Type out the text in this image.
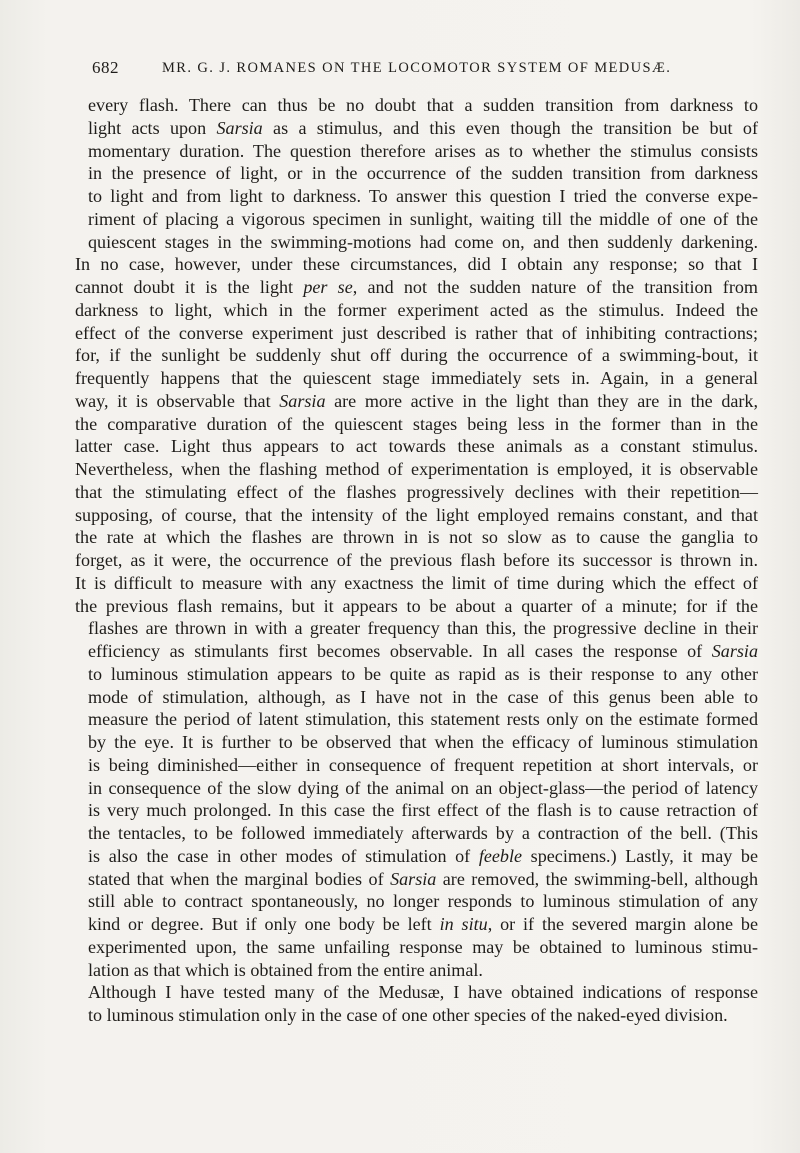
682	MR. G. J. ROMANES ON THE LOCOMOTOR SYSTEM OF MEDUSÆ.
every flash. There can thus be no doubt that a sudden transition from darkness to
light acts upon Sarsia as a stimulus, and this even though the transition be but of
momentary duration. The question therefore arises as to whether the stimulus consists
in the presence of light, or in the occurrence of the sudden transition from darkness
to light and from light to darkness. To answer this question I tried the converse expe-
riment of placing a vigorous specimen in sunlight, waiting till the middle of one of the
quiescent stages in the swimming-motions had come on, and then suddenly darkening.
In no case, however, under these circumstances, did I obtain any response; so that I
cannot doubt it is the light per se, and not the sudden nature of the transition from
darkness to light, which in the former experiment acted as the stimulus. Indeed the
effect of the converse experiment just described is rather that of inhibiting contractions;
for, if the sunlight be suddenly shut off during the occurrence of a swimming-bout, it
frequently happens that the quiescent stage immediately sets in. Again, in a general
way, it is observable that Sarsia are more active in the light than they are in the dark,
the comparative duration of the quiescent stages being less in the former than in the
latter case. Light thus appears to act towards these animals as a constant stimulus.
Nevertheless, when the flashing method of experimentation is employed, it is observable
that the stimulating effect of the flashes progressively declines with their repetition—
supposing, of course, that the intensity of the light employed remains constant, and that
the rate at which the flashes are thrown in is not so slow as to cause the ganglia to
forget, as it were, the occurrence of the previous flash before its successor is thrown in.
It is difficult to measure with any exactness the limit of time during which the effect of
the previous flash remains, but it appears to be about a quarter of a minute; for if the
flashes are thrown in with a greater frequency than this, the progressive decline in their
efficiency as stimulants first becomes observable. In all cases the response of Sarsia
to luminous stimulation appears to be quite as rapid as is their response to any other
mode of stimulation, although, as I have not in the case of this genus been able to
measure the period of latent stimulation, this statement rests only on the estimate formed
by the eye. It is further to be observed that when the efficacy of luminous stimulation
is being diminished—either in consequence of frequent repetition at short intervals, or
in consequence of the slow dying of the animal on an object-glass—the period of latency
is very much prolonged. In this case the first effect of the flash is to cause retraction of
the tentacles, to be followed immediately afterwards by a contraction of the bell. (This
is also the case in other modes of stimulation of feeble specimens.) Lastly, it may be
stated that when the marginal bodies of Sarsia are removed, the swimming-bell, although
still able to contract spontaneously, no longer responds to luminous stimulation of any
kind or degree. But if only one body be left in situ, or if the severed margin alone be
experimented upon, the same unfailing response may be obtained to luminous stimu-
lation as that which is obtained from the entire animal.
Although I have tested many of the Medusæ, I have obtained indications of response
to luminous stimulation only in the case of one other species of the naked-eyed division.
